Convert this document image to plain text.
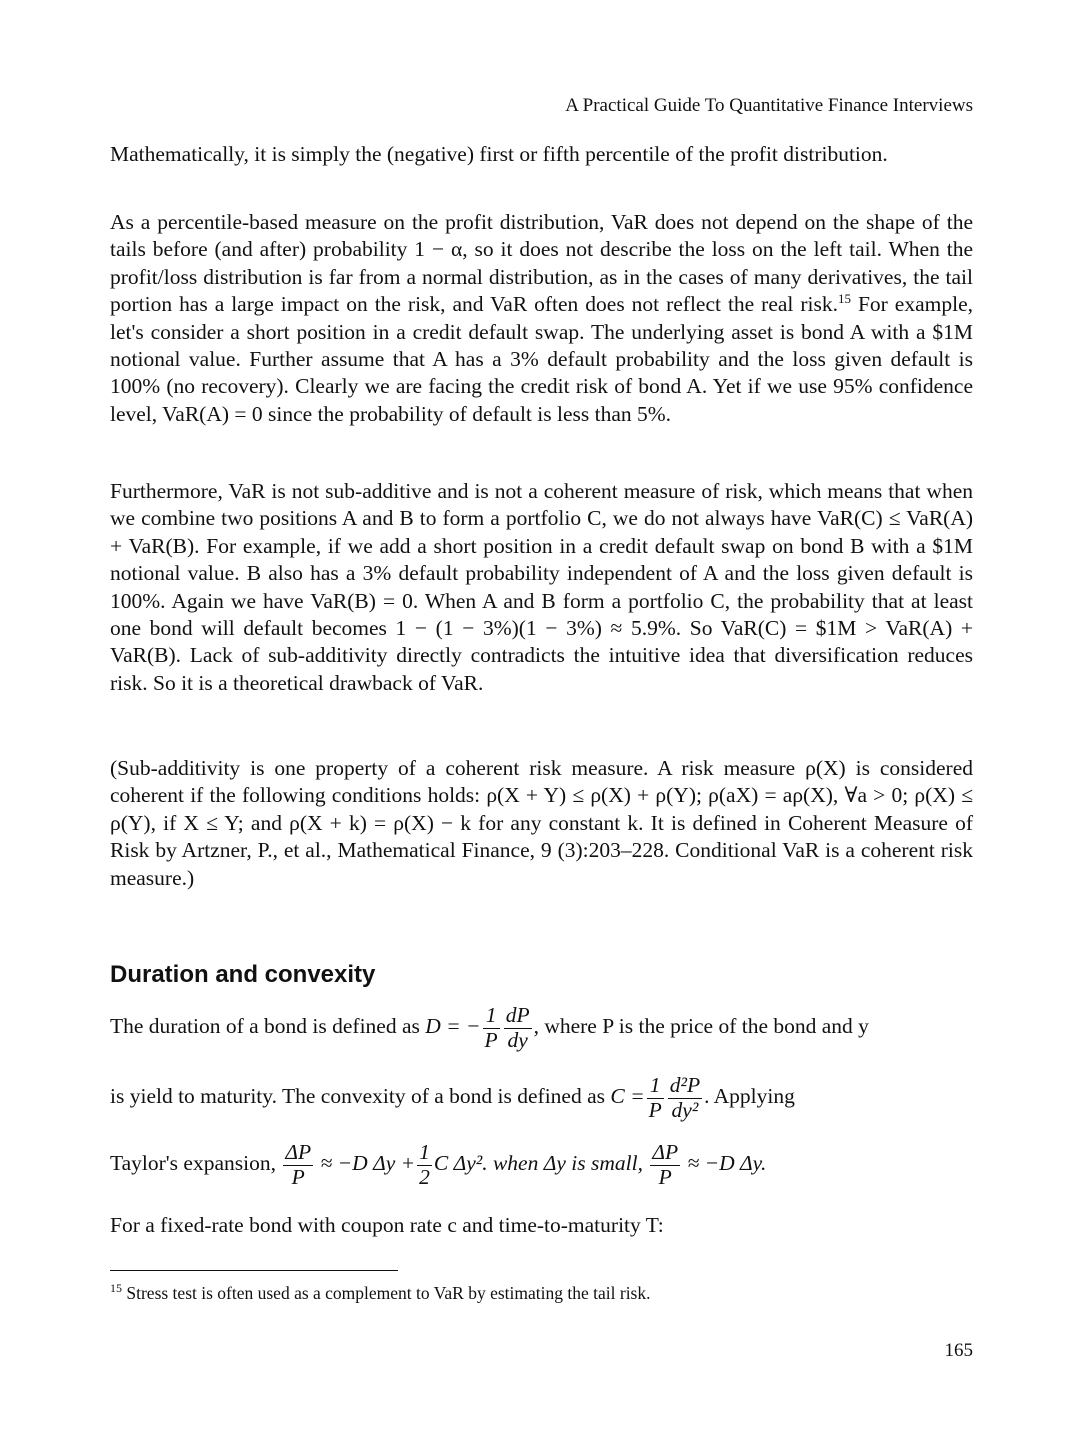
A Practical Guide To Quantitative Finance Interviews

Mathematically, it is simply the (negative) first or fifth percentile of the profit distribution.

As a percentile-based measure on the profit distribution, VaR does not depend on the shape of the tails before (and after) probability 1 − α, so it does not describe the loss on the left tail. When the profit/loss distribution is far from a normal distribution, as in the cases of many derivatives, the tail portion has a large impact on the risk, and VaR often does not reflect the real risk.$^{15}$ For example, let's consider a short position in a credit default swap. The underlying asset is bond A with a $1M notional value. Further assume that A has a 3% default probability and the loss given default is 100% (no recovery). Clearly we are facing the credit risk of bond A. Yet if we use 95% confidence level, VaR(A) = 0 since the probability of default is less than 5%.

Furthermore, VaR is not sub-additive and is not a coherent measure of risk, which means that when we combine two positions A and B to form a portfolio C, we do not always have VaR(C) ≤ VaR(A) + VaR(B). For example, if we add a short position in a credit default swap on bond B with a $1M notional value. B also has a 3% default probability independent of A and the loss given default is 100%. Again we have VaR(B) = 0. When A and B form a portfolio C, the probability that at least one bond will default becomes 1 − (1 − 3%)(1 − 3%) ≈ 5.9%. So VaR(C) = $1M > VaR(A) + VaR(B). Lack of sub-additivity directly contradicts the intuitive idea that diversification reduces risk. So it is a theoretical drawback of VaR.

(Sub-additivity is one property of a coherent risk measure. A risk measure ρ(X) is considered coherent if the following conditions holds: ρ(X + Y) ≤ ρ(X) + ρ(Y); ρ(aX) = aρ(X), ∀a > 0; ρ(X) ≤ ρ(Y), if X ≤ Y; and ρ(X + k) = ρ(X) − k for any constant k. It is defined in Coherent Measure of Risk by Artzner, P., et al., Mathematical Finance, 9 (3):203–228. Conditional VaR is a coherent risk measure.)

Duration and convexity
The duration of a bond is defined as D = − $\frac{1}{P} \frac{dP}{dy}$ , where P is the price of the bond and y
is yield to maturity. The convexity of a bond is defined as $C = \frac{1}{P} \frac{\text{d²P}}{\text{dy²}}$ . Applying
Taylor's expansion, $\frac{\Delta P}{P} \approx -D$ $\Delta y + \frac{1}{2}$ C Δy². when Δy is small, $\frac{\Delta P}{P} \approx -D$ Δy.
For a fixed-rate bond with coupon rate c and time-to-maturity T:
$^{15}$ Stress test is often used as a complement to VaR by estimating the tail risk.
165
